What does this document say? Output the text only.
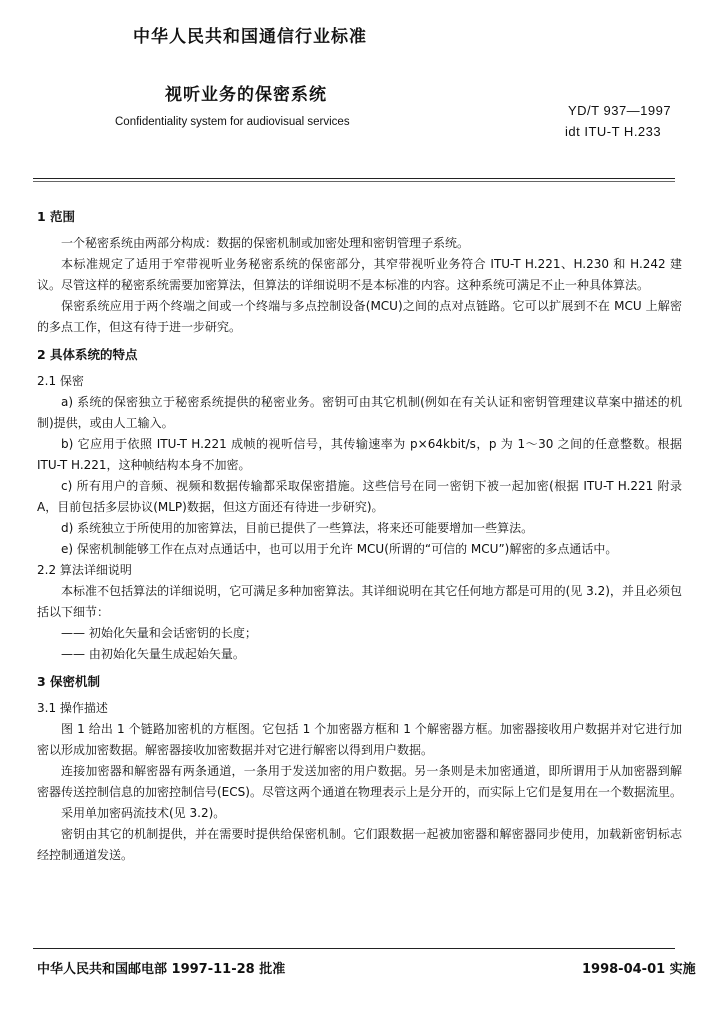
中华人民共和国通信行业标准
视听业务的保密系统
Confidentiality system for audiovisual services
YD/T 937—1997
idt ITU-T H.233

1 范围

一个秘密系统由两部分构成：数据的保密机制或加密处理和密钥管理子系统。

本标准规定了适用于窄带视听业务秘密系统的保密部分，其窄带视听业务符合 ITU-T H.221、H.230 和 H.242 建议。尽管这样的秘密系统需要加密算法，但算法的详细说明不是本标准的内容。这种系统可满足不止一种具体算法。

保密系统应用于两个终端之间或一个终端与多点控制设备(MCU)之间的点对点链路。它可以扩展到不在 MCU 上解密的多点工作，但这有待于进一步研究。

2 具体系统的特点

2.1 保密

a) 系统的保密独立于秘密系统提供的秘密业务。密钥可由其它机制(例如在有关认证和密钥管理建议草案中描述的机制)提供，或由人工输入。

b) 它应用于依照 ITU-T H.221 成帧的视听信号，其传输速率为 p×64kbit/s，p 为 1～30 之间的任意整数。根据 ITU-T H.221，这种帧结构本身不加密。

c) 所有用户的音频、视频和数据传输都采取保密措施。这些信号在同一密钥下被一起加密(根据 ITU-T H.221 附录 A，目前包括多层协议(MLP)数据，但这方面还有待进一步研究)。

d) 系统独立于所使用的加密算法，目前已提供了一些算法，将来还可能要增加一些算法。

e) 保密机制能够工作在点对点通话中，也可以用于允许 MCU(所谓的“可信的 MCU”)解密的多点通话中。

2.2 算法详细说明

本标准不包括算法的详细说明，它可满足多种加密算法。其详细说明在其它任何地方都是可用的(见 3.2)，并且必须包括以下细节：

—— 初始化矢量和会话密钥的长度；

—— 由初始化矢量生成起始矢量。

3 保密机制

3.1 操作描述

图 1 给出 1 个链路加密机的方框图。它包括 1 个加密器方框和 1 个解密器方框。加密器接收用户数据并对它进行加密以形成加密数据。解密器接收加密数据并对它进行解密以得到用户数据。

连接加密器和解密器有两条通道，一条用于发送加密的用户数据。另一条则是未加密通道，即所谓用于从加密器到解密器传送控制信息的加密控制信号(ECS)。尽管这两个通道在物理表示上是分开的，而实际上它们是复用在一个数据流里。

采用单加密码流技术(见 3.2)。

密钥由其它的机制提供，并在需要时提供给保密机制。它们跟数据一起被加密器和解密器同步使用，加载新密钥标志经控制通道发送。

中华人民共和国邮电部 1997-11-28 批准	1998-04-01 实施
